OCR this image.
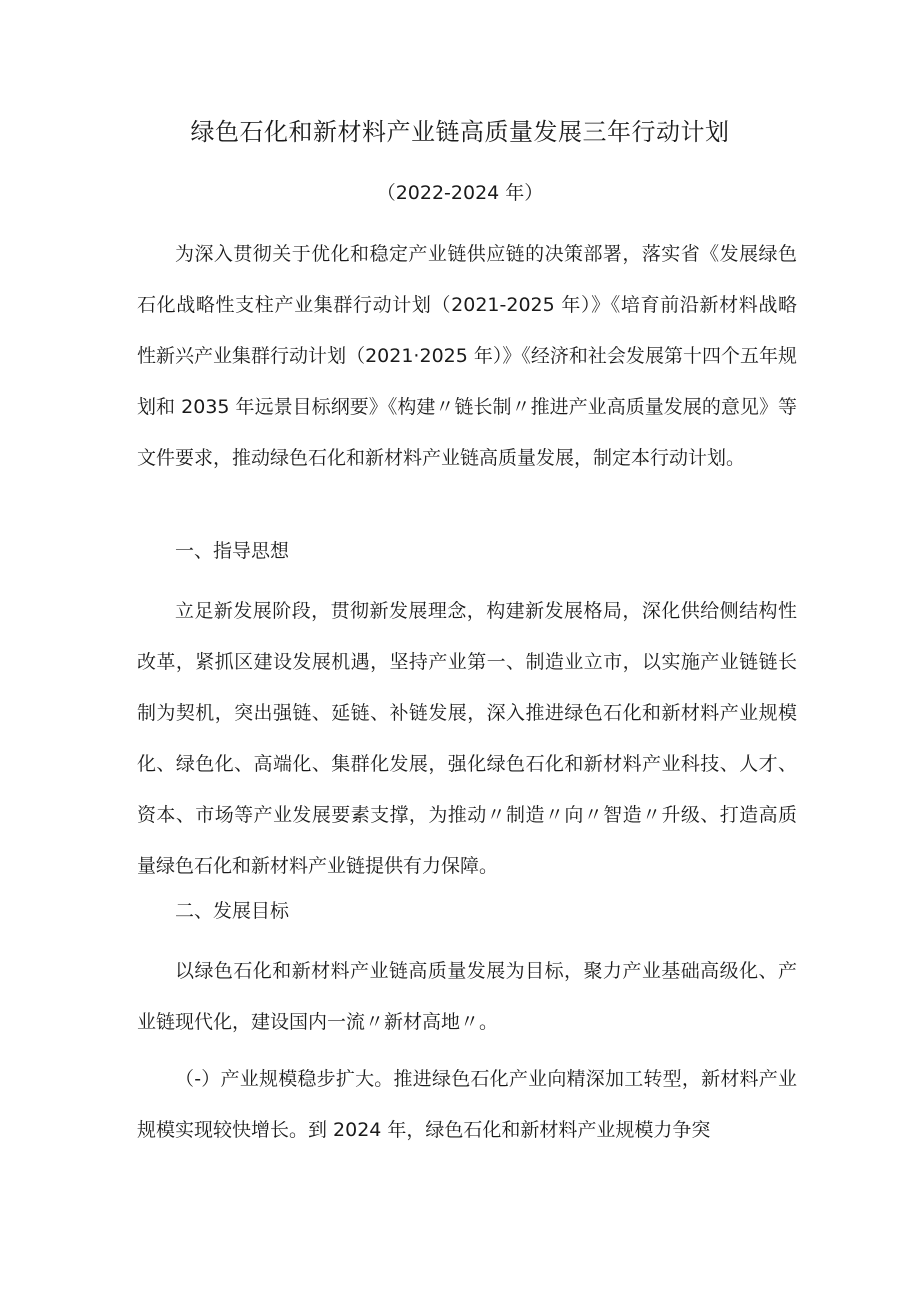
绿色石化和新材料产业链高质量发展三年行动计划
（2022-2024 年）

为深入贯彻关于优化和稳定产业链供应链的决策部署，落实省《发展绿色石化战略性支柱产业集群行动计划（2021-2025 年）》《培育前沿新材料战略性新兴产业集群行动计划（2021·2025 年）》《经济和社会发展第十四个五年规划和 2035 年远景目标纲要》《构建〃链长制〃推进产业高质量发展的意见》等文件要求，推动绿色石化和新材料产业链高质量发展，制定本行动计划。

一、指导思想

立足新发展阶段，贯彻新发展理念，构建新发展格局，深化供给侧结构性改革，紧抓区建设发展机遇，坚持产业第一、制造业立市，以实施产业链链长制为契机，突出强链、延链、补链发展，深入推进绿色石化和新材料产业规模化、绿色化、高端化、集群化发展，强化绿色石化和新材料产业科技、人才、资本、市场等产业发展要素支撑，为推动〃制造〃向〃智造〃升级、打造高质量绿色石化和新材料产业链提供有力保障。

二、发展目标

以绿色石化和新材料产业链高质量发展为目标，聚力产业基础高级化、产业链现代化，建设国内一流〃新材高地〃。

（-）产业规模稳步扩大。推进绿色石化产业向精深加工转型，新材料产业规模实现较快增长。到 2024 年，绿色石化和新材料产业规模力争突
